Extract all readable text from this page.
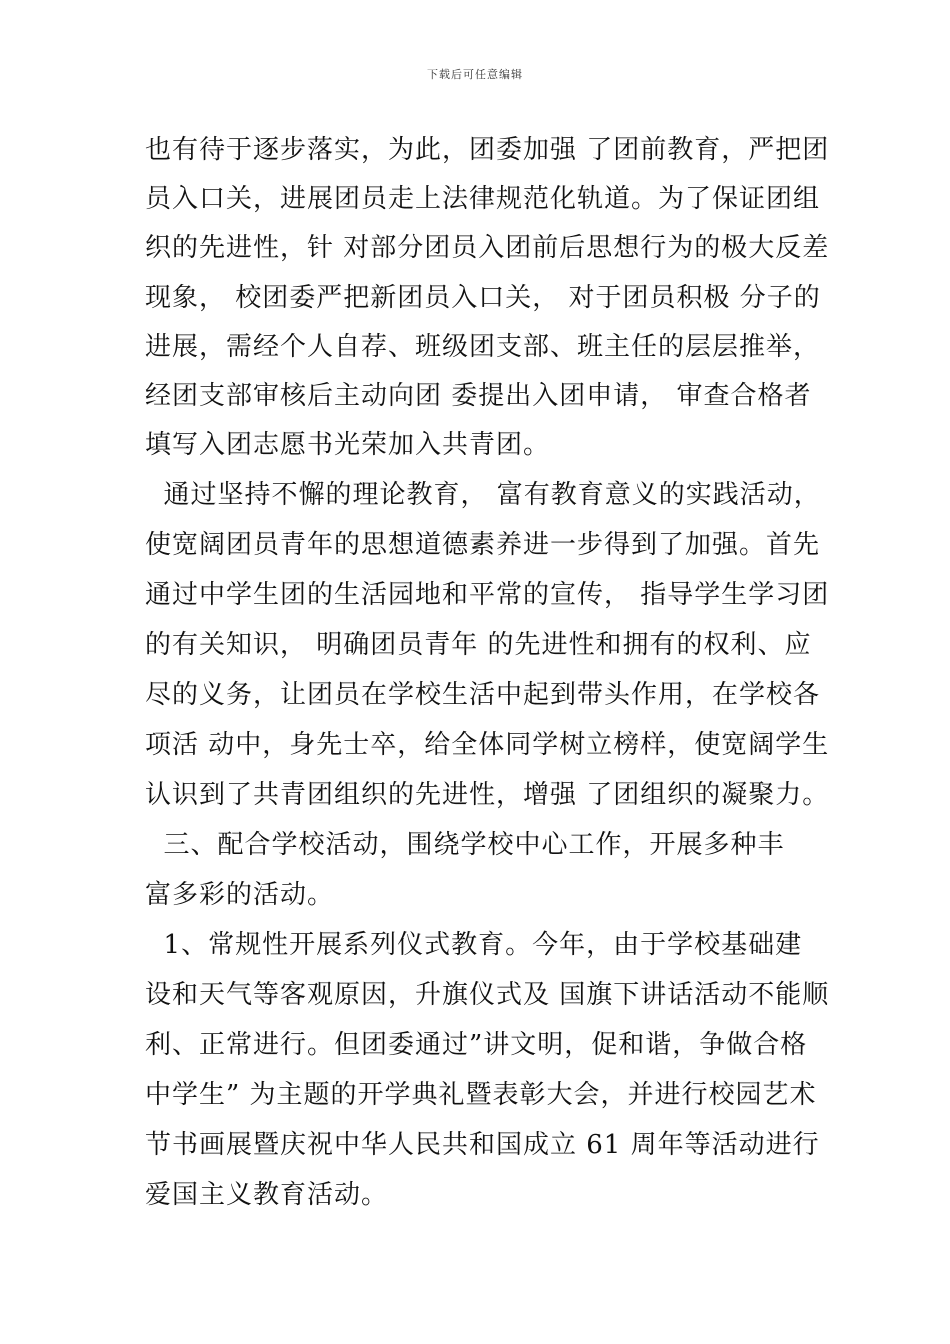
下载后可任意编辑
也有待于逐步落实，为此，团委加强 了团前教育，严把团
员入口关，进展团员走上法律规范化轨道。为了保证团组
织的先进性，针 对部分团员入团前后思想行为的极大反差
现象， 校团委严把新团员入口关， 对于团员积极 分子的
进展，需经个人自荐、班级团支部、班主任的层层推举，
经团支部审核后主动向团 委提出入团申请， 审查合格者
填写入团志愿书光荣加入共青团。
通过坚持不懈的理论教育， 富有教育意义的实践活动，
使宽阔团员青年的思想道德素养进一步得到了加强。首先
通过中学生团的生活园地和平常的宣传， 指导学生学习团
的有关知识， 明确团员青年 的先进性和拥有的权利、应
尽的义务，让团员在学校生活中起到带头作用，在学校各
项活 动中，身先士卒，给全体同学树立榜样，使宽阔学生
认识到了共青团组织的先进性，增强 了团组织的凝聚力。
三、配合学校活动，围绕学校中心工作，开展多种丰
富多彩的活动。
1、常规性开展系列仪式教育。今年，由于学校基础建
设和天气等客观原因，升旗仪式及 国旗下讲话活动不能顺
利、正常进行。但团委通过”讲文明，促和谐，争做合格
中学生” 为主题的开学典礼暨表彰大会，并进行校园艺术
节书画展暨庆祝中华人民共和国成立 61 周年等活动进行
爱国主义教育活动。
